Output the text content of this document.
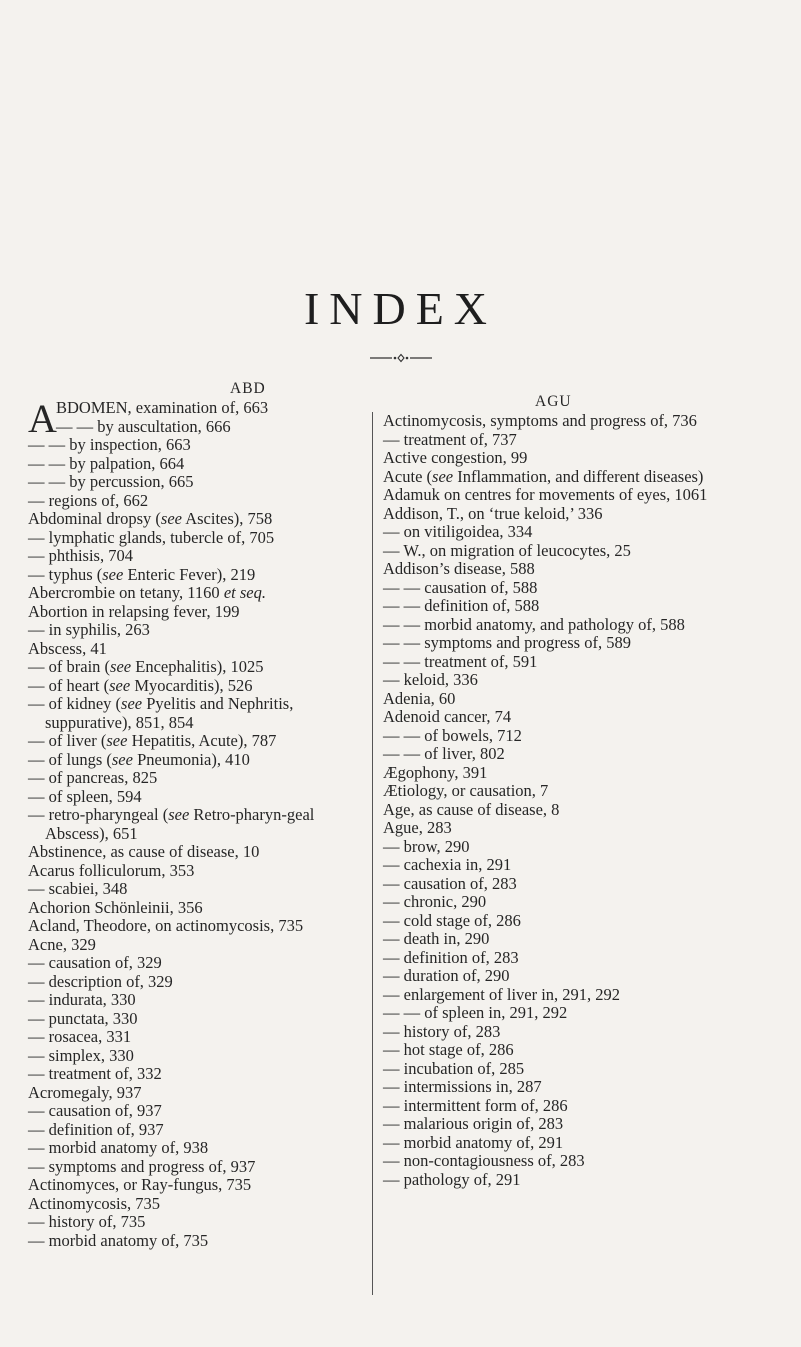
INDEX
ABD
AGU
A BDOMEN, examination of, 663
— — by auscultation, 666
— — by inspection, 663
— — by palpation, 664
— — by percussion, 665
— regions of, 662
Abdominal dropsy (see Ascites), 758
— lymphatic glands, tubercle of, 705
— phthisis, 704
— typhus (see Enteric Fever), 219
Abercrombie on tetany, 1160 et seq.
Abortion in relapsing fever, 199
— in syphilis, 263
Abscess, 41
— of brain (see Encephalitis), 1025
— of heart (see Myocarditis), 526
— of kidney (see Pyelitis and Nephritis, suppurative), 851, 854
— of liver (see Hepatitis, Acute), 787
— of lungs (see Pneumonia), 410
— of pancreas, 825
— of spleen, 594
— retro-pharyngeal (see Retro-pharyn-geal Abscess), 651
Abstinence, as cause of disease, 10
Acarus folliculorum, 353
— scabiei, 348
Achorion Schönleinii, 356
Acland, Theodore, on actinomycosis, 735
Acne, 329
— causation of, 329
— description of, 329
— indurata, 330
— punctata, 330
— rosacea, 331
— simplex, 330
— treatment of, 332
Acromegaly, 937
— causation of, 937
— definition of, 937
— morbid anatomy of, 938
— symptoms and progress of, 937
Actinomyces, or Ray-fungus, 735
Actinomycosis, 735
— history of, 735
— morbid anatomy of, 735
Actinomycosis, symptoms and progress of, 736
— treatment of, 737
Active congestion, 99
Acute (see Inflammation, and different diseases)
Adamuk on centres for movements of eyes, 1061
Addison, T., on ‘true keloid,’ 336
— on vitiligoidea, 334
— W., on migration of leucocytes, 25
Addison’s disease, 588
— — causation of, 588
— — definition of, 588
— — morbid anatomy, and pathology of, 588
— — symptoms and progress of, 589
— — treatment of, 591
— keloid, 336
Adenia, 60
Adenoid cancer, 74
— — of bowels, 712
— — of liver, 802
Ægophony, 391
Ætiology, or causation, 7
Age, as cause of disease, 8
Ague, 283
— brow, 290
— cachexia in, 291
— causation of, 283
— chronic, 290
— cold stage of, 286
— death in, 290
— definition of, 283
— duration of, 290
— enlargement of liver in, 291, 292
— — of spleen in, 291, 292
— history of, 283
— hot stage of, 286
— incubation of, 285
— intermissions in, 287
— intermittent form of, 286
— malarious origin of, 283
— morbid anatomy of, 291
— non-contagiousness of, 283
— pathology of, 291
